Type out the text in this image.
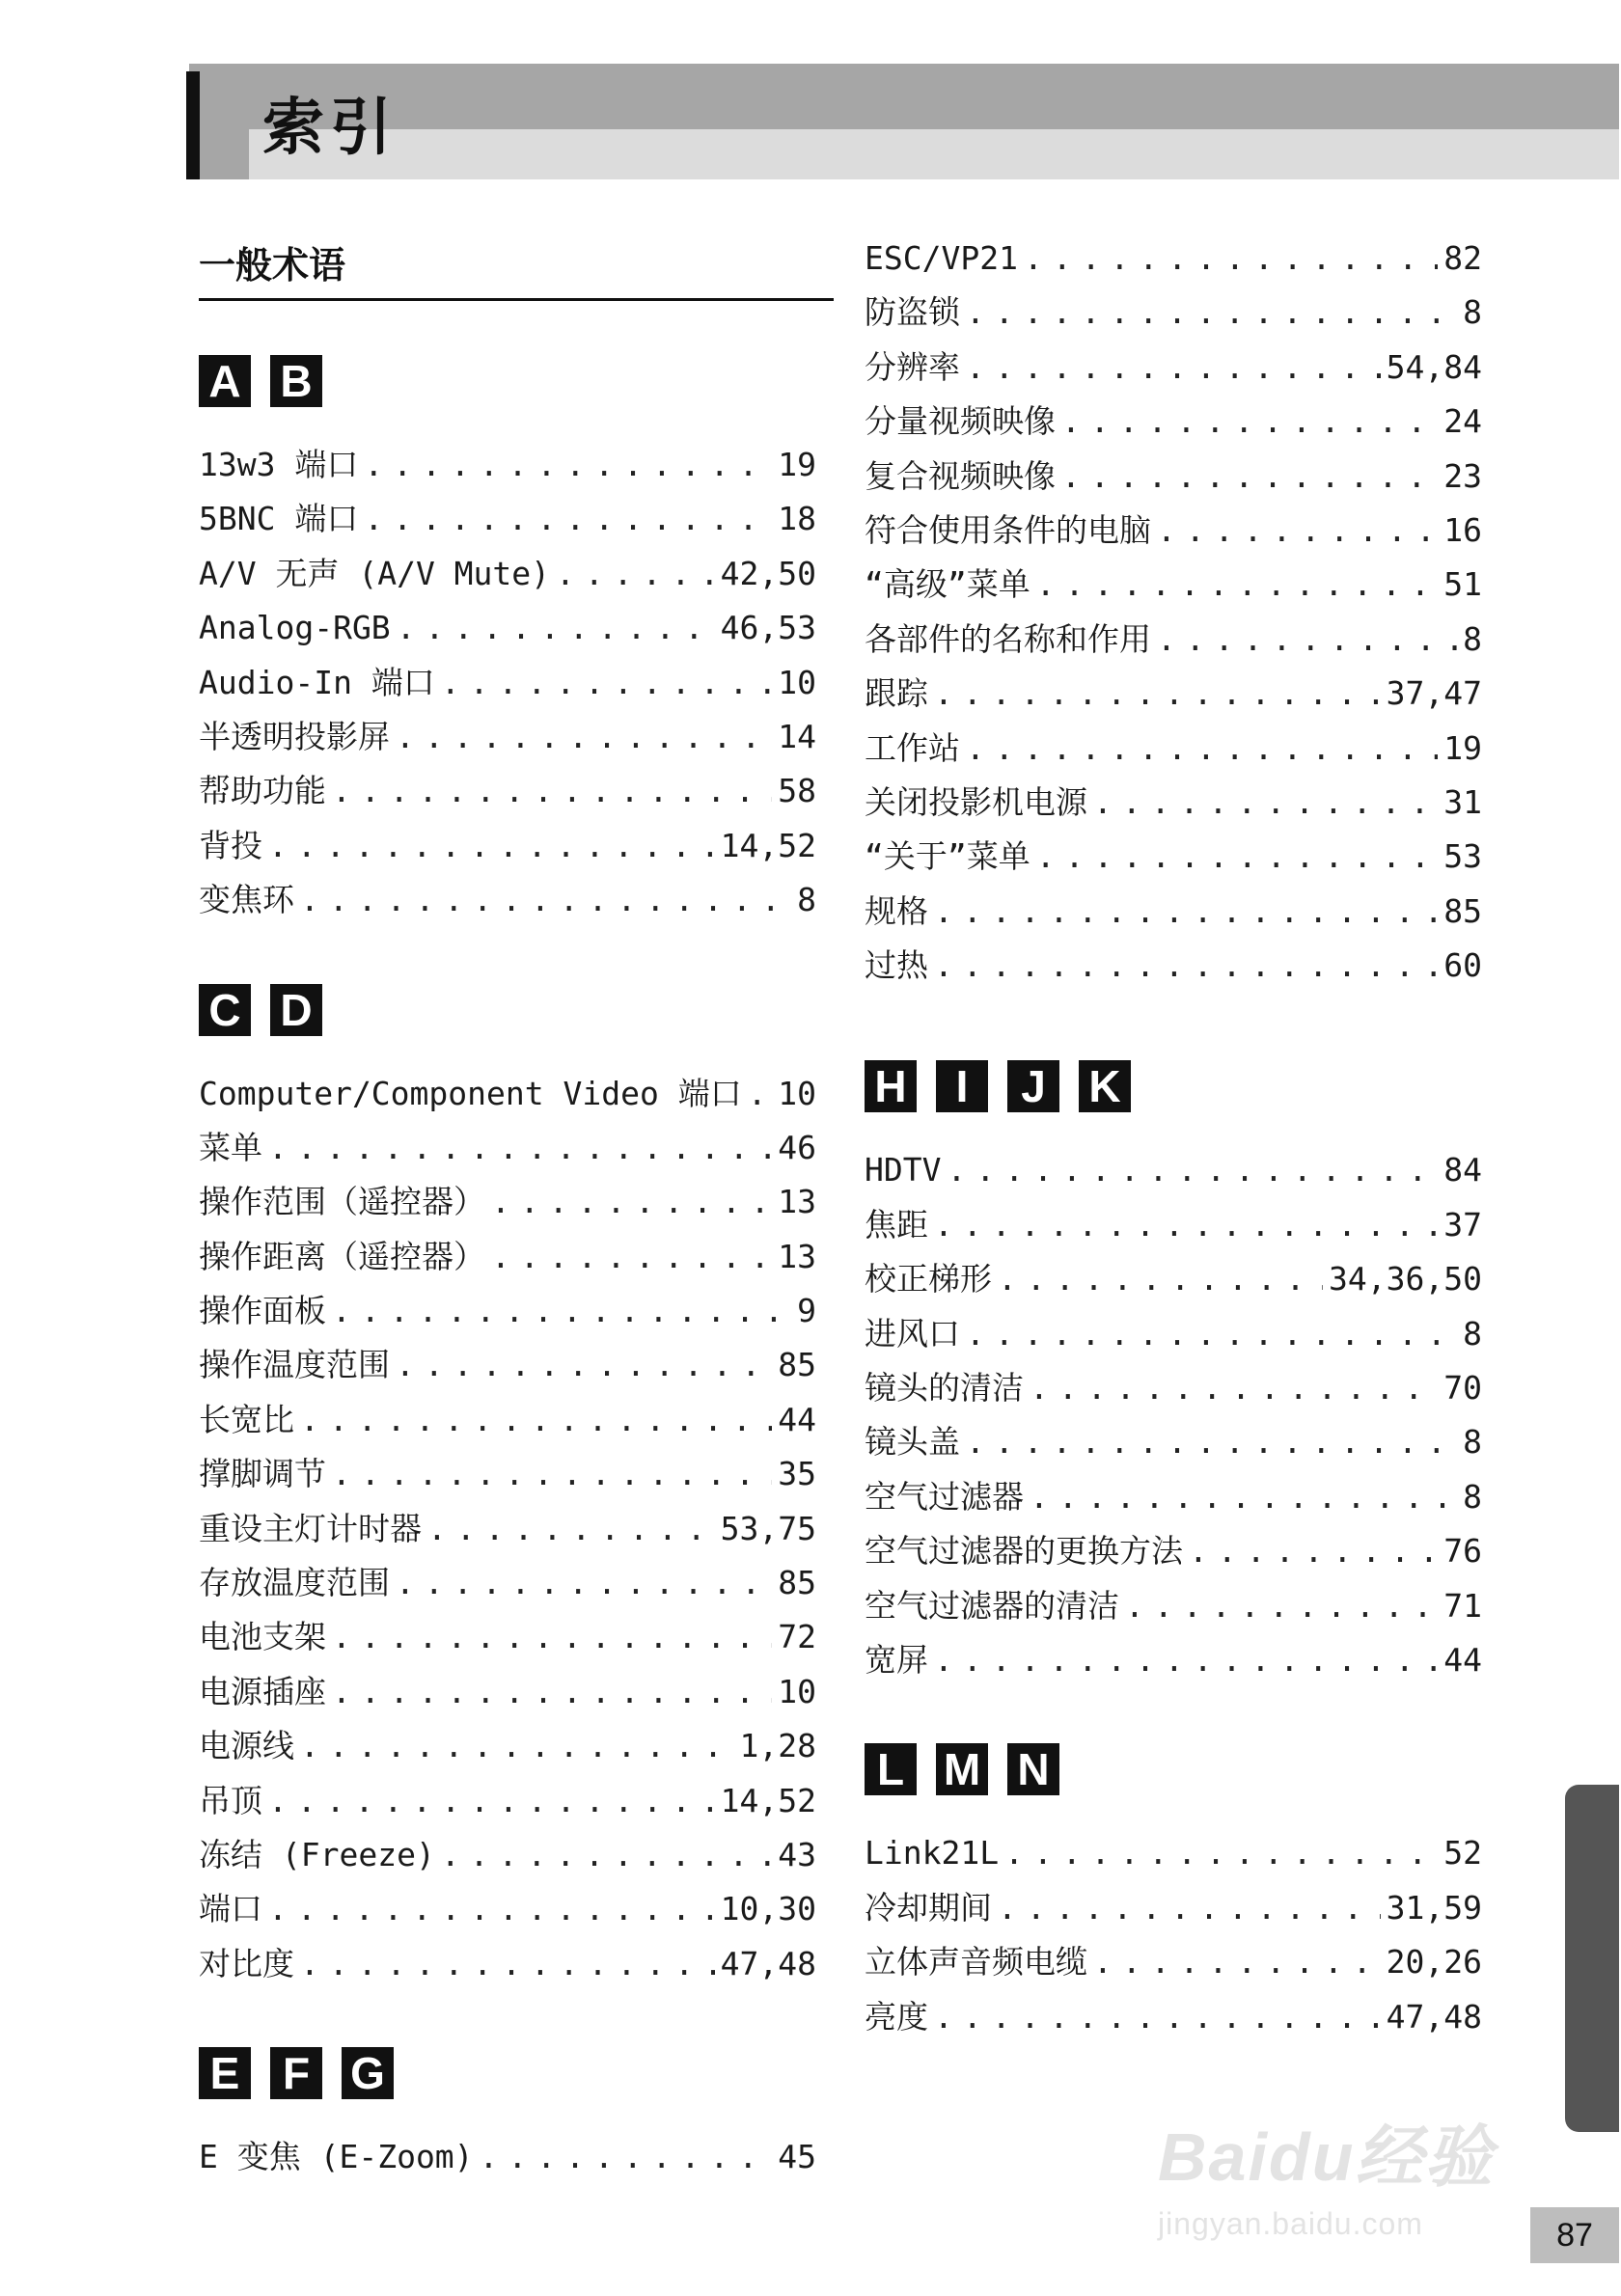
索引
一般术语
A B
13w3 端口 .....	19
5BNC 端口 .....	18
A/V 无声 (A/V Mute) .....	42,50
Analog-RGB .....	46,53
Audio-In 端口 .....	10
半透明投影屏 .....	14
帮助功能 .....	58
背投 .....	14,52
变焦环 .....	8
C D
Computer/Component Video 端口 ..... 10
菜单 .....	46
操作范围（遥控器） .....	13
操作距离（遥控器） .....	13
操作面板 .....	9
操作温度范围 .....	85
长宽比 .....	44
撑脚调节 .....	35
重设主灯计时器 .....	53,75
存放温度范围 .....	85
电池支架 .....	72
电源插座 .....	10
电源线 .....	1,28
吊顶 .....	14,52
冻结 (Freeze) .....	43
端口 .....	10,30
对比度 .....	47,48
E F G
E 变焦 (E-Zoom) .....	45
ESC/VP21 .....	82
防盗锁 .....	8
分辨率 .....	54,84
分量视频映像 .....	24
复合视频映像 .....	23
符合使用条件的电脑 .....	16
“高级”菜单 .....	51
各部件的名称和作用 .....	8
跟踪 .....	37,47
工作站 .....	19
关闭投影机电源 .....	31
“关于”菜单 .....	53
规格 .....	85
过热 .....	60
H	I	J K
HDTV .....	84
焦距 .....	37
校正梯形 .....	34,36,50
进风口 .....	8
镜头的清洁 .....	70
镜头盖 .....	8
空气过滤器 .....	8
空气过滤器的更换方法 .....	76
空气过滤器的清洁 .....	71
宽屏 .....	44
L M N
Link21L .....	52
冷却期间 .....	31,59
立体声音频电缆 .....	20,26
亮度 .....	47,48
87
Baidu经验
jingyan.baidu.com
